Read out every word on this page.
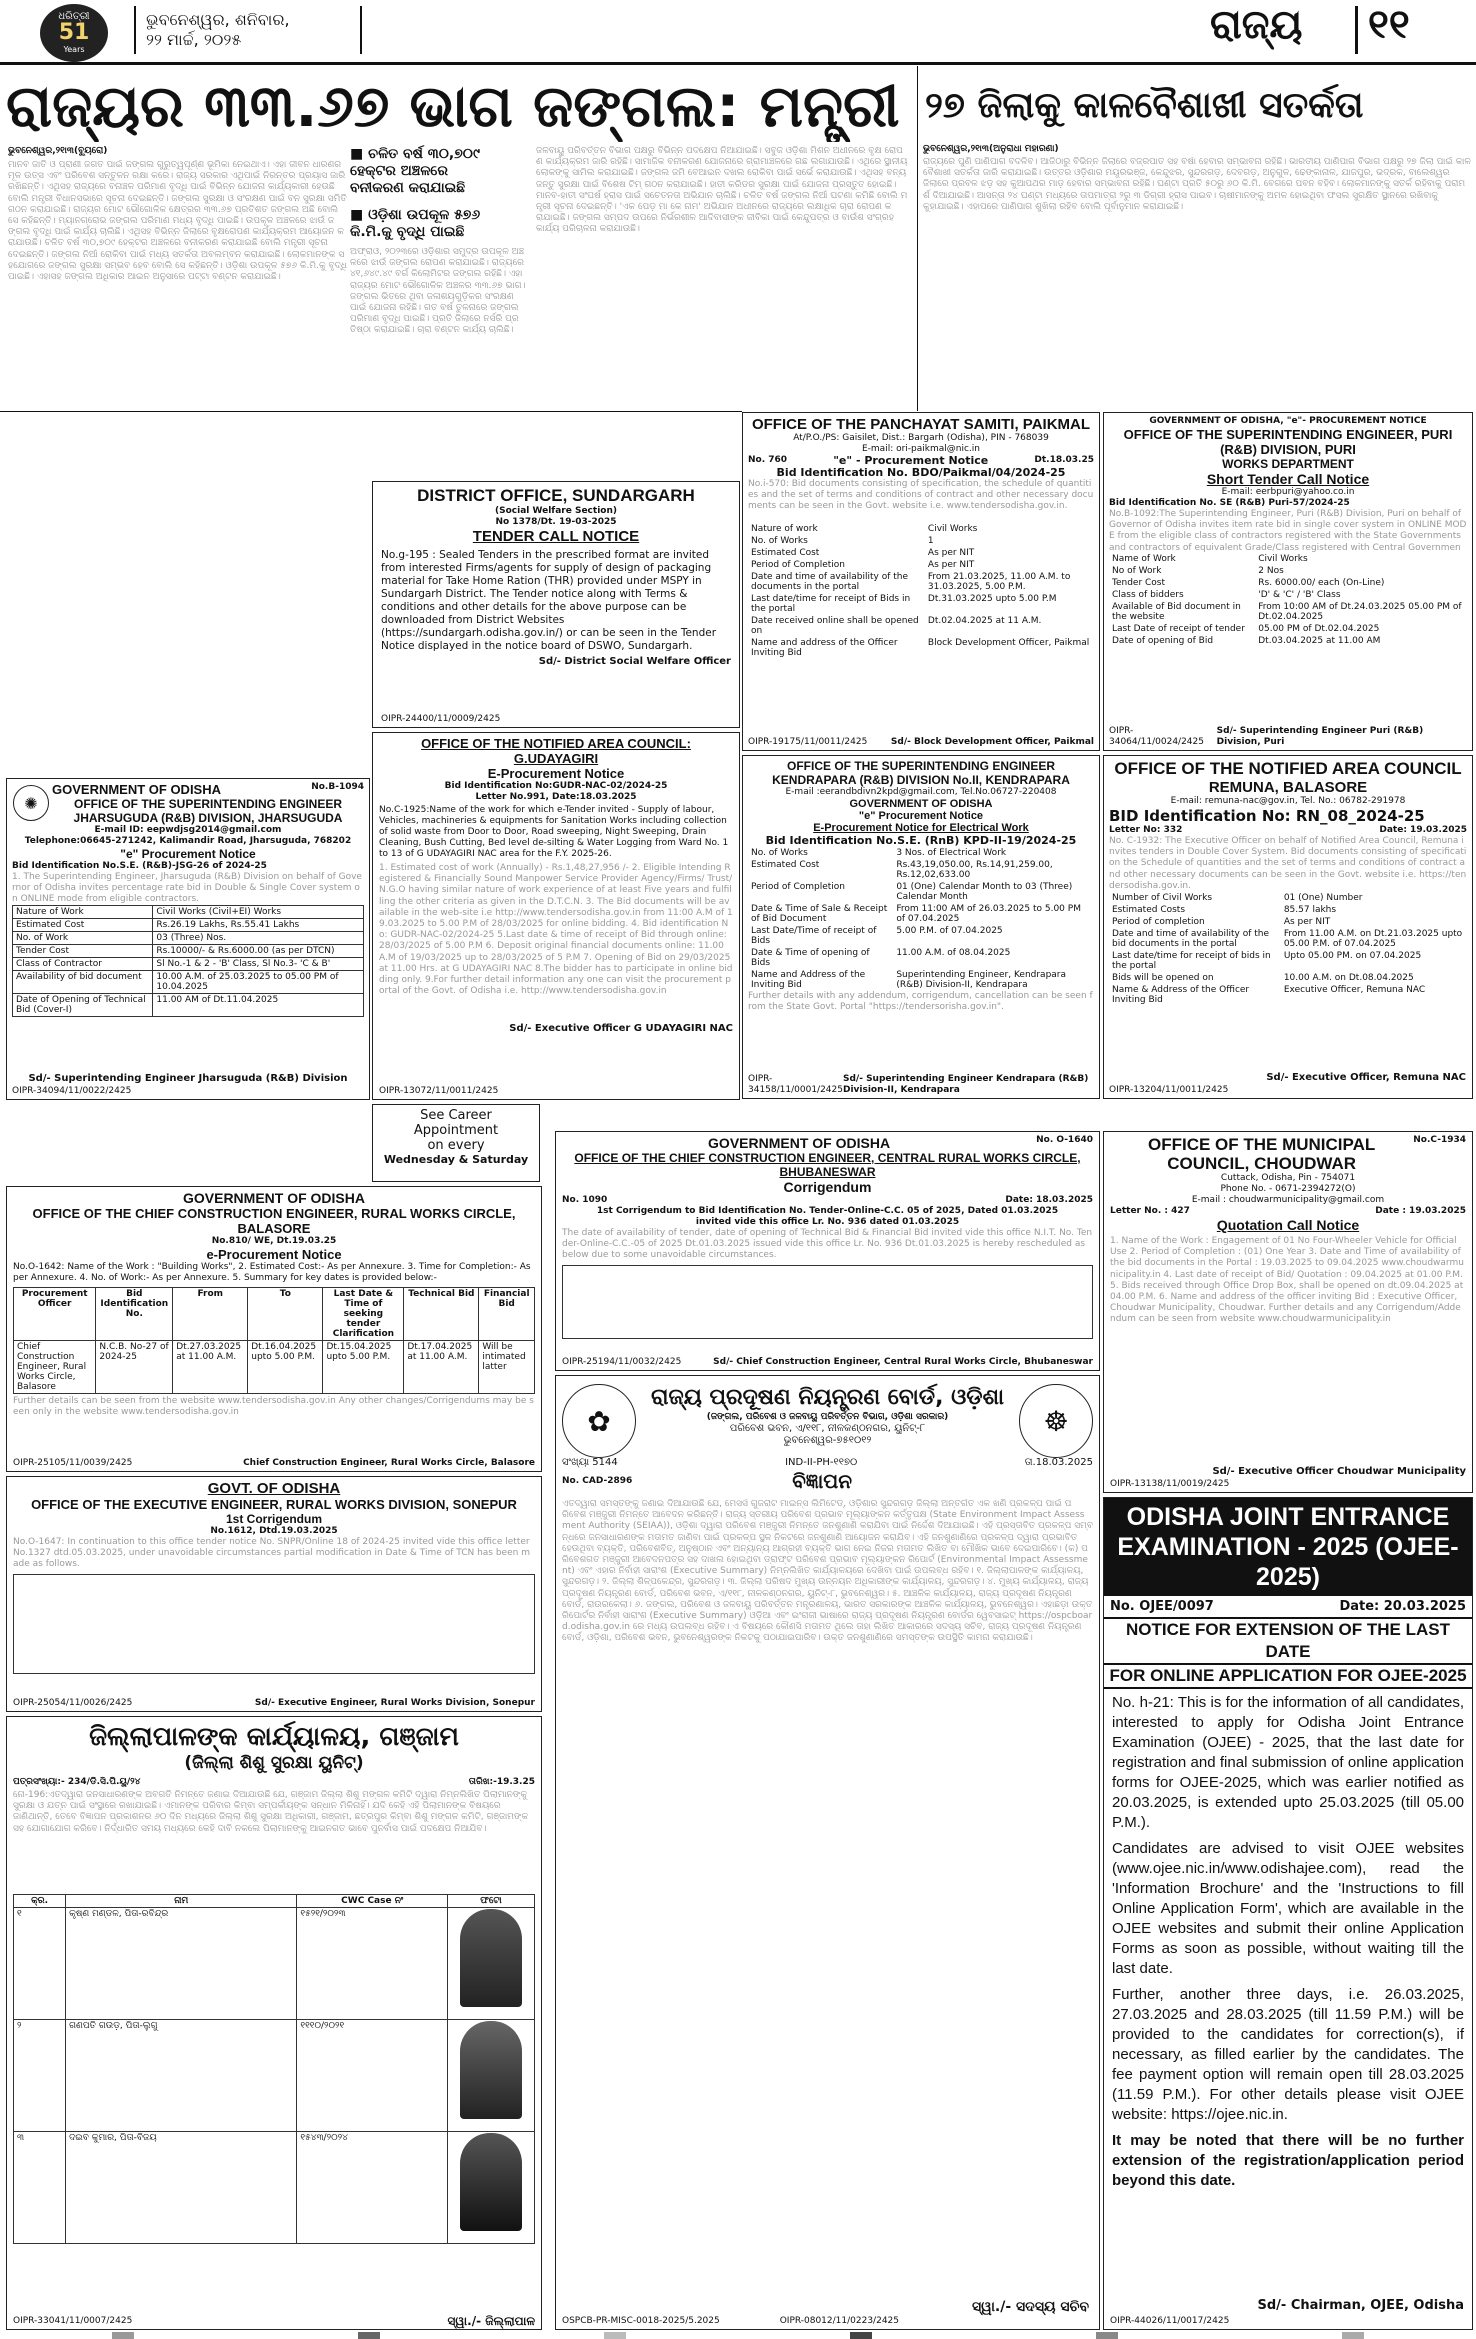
ଧରିତ୍ରୀ
51
Years
ଭୁବନେଶ୍ୱର, ଶନିବାର,
୨୨ ମାର୍ଚ୍ଚ, ୨୦୨୫	ରାଜ୍ୟ ୧୧
ରାଜ୍ୟର ୩୩.୬୭ ଭାଗ ଜଙ୍ଗଲ: ମନ୍ତ୍ରୀ ୨୭ ଜିଲାକୁ କାଳବୈଶାଖୀ ସତର୍କତା
ଭୁବନେଶ୍ୱର,୨୧ା୩(ବ୍ୟୁରୋ)
ମାନବ ଜାତି ଓ ପ୍ରାଣୀ ଜଗତ ପାଇଁ ଜଙ୍ଗଲ ଗୁରୁତ୍ୱପୂର୍ଣ୍ଣ ଭୂମିକା ନେଇଥାଏ। ଏହା ଜୀବନ ଧାରଣର ମୂଳ ଉତ୍ସ ଏବଂ ପରିବେଶ ସନ୍ତୁଳନ ରକ୍ଷା କରେ। ରାଜ୍ୟ ସରକାର ଏଥିପାଇଁ ନିରନ୍ତର ପ୍ରୟାସ ଜାରି ରଖିଛନ୍ତି। ଏଥିସହ ରାଜ୍ୟରେ ବନାଞ୍ଚଳ ପରିମାଣ ବୃଦ୍ଧି ପାଇଁ ବିଭିନ୍ନ ଯୋଜନା କାର୍ଯ୍ୟକାରୀ ହେଉଛି ବୋଲି ମନ୍ତ୍ରୀ ବିଧାନସଭାରେ ସୂଚନା ଦେଇଛନ୍ତି। ଜଙ୍ଗଲ ସୁରକ୍ଷା ଓ ସଂରକ୍ଷଣ ପାଇଁ ବନ ସୁରକ୍ଷା ସମିତି ଗଠନ କରାଯାଇଛି। ରାଜ୍ୟର ମୋଟ ଭୌଗୋଳିକ କ୍ଷେତ୍ରର ୩୩.୬୭ ପ୍ରତିଶତ ଜଙ୍ଗଲ ଅଛି ବୋଲି ସେ କହିଛନ୍ତି। ମ୍ୟାନଗ୍ରୋଭ ଜଙ୍ଗଲ ପରିମାଣ ମଧ୍ୟ ବୃଦ୍ଧି ପାଇଛି। ଉପକୂଳ ଅଞ୍ଚଳରେ ଝାଉଁ ଜଙ୍ଗଲ ବୃଦ୍ଧି ପାଇଁ କାର୍ଯ୍ୟ ଚାଲିଛି। ଏଥିସହ ବିଭିନ୍ନ ଜିଲାରେ ବୃକ୍ଷରୋପଣ କାର୍ଯ୍ୟକ୍ରମ ଆୟୋଜନ କରାଯାଉଛି। ଚଳିତ ବର୍ଷ ୩୦,୭୦୯ ହେକ୍ଟର ଅଞ୍ଚଳରେ ବନୀକରଣ କରାଯାଇଛି ବୋଲି ମନ୍ତ୍ରୀ ସୂଚନା ଦେଇଛନ୍ତି। ଜଙ୍ଗଲ ନିଆଁ ରୋକିବା ପାଇଁ ମଧ୍ୟ ସତର୍କତା ଅବଲମ୍ବନ କରାଯାଇଛି। ଲୋକମାନଙ୍କ ସହଯୋଗରେ ଜଙ୍ଗଲ ସୁରକ୍ଷା ସମ୍ଭବ ହେବ ବୋଲି ସେ କହିଛନ୍ତି। ଓଡ଼ିଶା ଉପକୂଳ ୫୭୬ କି.ମି.କୁ ବୃଦ୍ଧି ପାଇଛି। ଏହାସହ ଜଙ୍ଗଲ ଅଧିକାର ଆଇନ ଅନୁସାରେ ପଟ୍ଟା ବଣ୍ଟନ କରାଯାଇଛି।
■ ଚଳିତ ବର୍ଷ ୩୦,୭୦୯
ହେକ୍ଟର ଅଞ୍ଚଳରେ
ବନୀକରଣ କରାଯାଇଛି
■ ଓଡ଼ିଶା ଉପକୂଳ ୫୭୬
କି.ମି.କୁ ବୃଦ୍ଧି ପାଇଛି
ଅଫ୍ରାଓ, ୨୦୨୩ରେ ଓଡ଼ିଶାର ସମୁଦ୍ର ଉପକୂଳ ଅଞ୍ଚଳରେ ଝାଉଁ ଜଙ୍ଗଲ ରୋପଣ କରାଯାଇଛି। ରାଜ୍ୟରେ ୪୧,୬୪୯.୪୯ ବର୍ଗ କିଲୋମିଟର ଜଙ୍ଗଲ ରହିଛି। ଏହା ରାଜ୍ୟର ମୋଟ ଭୌଗୋଳିକ ଅଞ୍ଚଳର ୩୩.୬୭ ଭାଗ। ଜଙ୍ଗଲ ଭିତରେ ଥିବା ଜଳାଶୟଗୁଡ଼ିକର ସଂରକ୍ଷଣ ପାଇଁ ଯୋଜନା ରହିଛି। ଗତ ବର୍ଷ ତୁଳନାରେ ଜଙ୍ଗଲ ପରିମାଣ ବୃଦ୍ଧି ପାଇଛି। ପ୍ରତି ଜିଲାରେ ନର୍ସରି ପ୍ରତିଷ୍ଠା କରାଯାଇଛି। ଚାରା ବଣ୍ଟନ କାର୍ଯ୍ୟ ଚାଲିଛି।
ଜଳବାୟୁ ପରିବର୍ତ୍ତନ ବିଭାଗ ପକ୍ଷରୁ ବିଭିନ୍ନ ପଦକ୍ଷେପ ନିଆଯାଇଛି। ସବୁଜ ଓଡ଼ିଶା ମିଶନ ଅଧୀନରେ ବୃକ୍ଷ ରୋପଣ କାର୍ଯ୍ୟକ୍ରମ ଜାରି ରହିଛି। ସାମାଜିକ ବନୀକରଣ ଯୋଜନାରେ ଗ୍ରାମାଞ୍ଚଳରେ ଗଛ ଲଗାଯାଉଛି। ଏଥିରେ ସ୍ଥାନୀୟ ଲୋକଙ୍କୁ ସାମିଲ କରାଯାଇଛି। ଜଙ୍ଗଲ ଜମି ବେଆଇନ ଦଖଲ ରୋକିବା ପାଇଁ ସର୍ଭେ କରାଯାଉଛି। ଏଥିସହ ବନ୍ୟଜନ୍ତୁ ସୁରକ୍ଷା ପାଇଁ ବିଶେଷ ଟିମ୍ ଗଠନ କରାଯାଇଛି। ହାତୀ କରିଡର ସୁରକ୍ଷା ପାଇଁ ଯୋଜନା ପ୍ରସ୍ତୁତ ହୋଇଛି। ମାନବ-ହାତୀ ସଂଘର୍ଷ ହ୍ରାସ ପାଇଁ ସଚେତନତା ଅଭିଯାନ ଚାଲିଛି। ଚଳିତ ବର୍ଷ ଜଙ୍ଗଲ ନିଆଁ ଘଟଣା କମିଛି ବୋଲି ମନ୍ତ୍ରୀ ସୂଚନା ଦେଇଛନ୍ତି। 'ଏକ ପେଡ଼ ମା କେ ନାମ' ଅଭିଯାନ ଅଧୀନରେ ରାଜ୍ୟରେ ଲକ୍ଷାଧିକ ଚାରା ରୋପଣ କରାଯାଇଛି। ଜଙ୍ଗଲ ସମ୍ପଦ ଉପରେ ନିର୍ଭରଶୀଳ ଆଦିବାସୀଙ୍କ ଜୀବିକା ପାଇଁ କେନ୍ଦୁପତ୍ର ଓ ବାଉଁଶ ସଂଗ୍ରହ କାର୍ଯ୍ୟ ପରିଚାଳନା କରାଯାଉଛି।
ଭୁବନେଶ୍ୱର,୨୧ା୩(ଅନୁରାଧା ମହାରଣା)
ରାଜ୍ୟରେ ପୁଣି ପାଣିପାଗ ବଦଳିବ। ଆଜିଠାରୁ ବିଭିନ୍ନ ଜିଲାରେ ବଜ୍ରପାତ ସହ ବର୍ଷା ହେବାର ସମ୍ଭାବନା ରହିଛି। ଭାରତୀୟ ପାଣିପାଗ ବିଭାଗ ପକ୍ଷରୁ ୨୭ ଜିଲା ପାଇଁ କାଳବୈଶାଖୀ ସତର୍କତା ଜାରି କରାଯାଇଛି। ଉତ୍ତର ଓଡ଼ିଶାର ମୟୂରଭଞ୍ଜ, କେନ୍ଦୁଝର, ସୁନ୍ଦରଗଡ଼, ଦେବଗଡ଼, ଅନୁଗୁଳ, ଢେଙ୍କାନାଳ, ଯାଜପୁର, ଭଦ୍ରକ, ବାଲେଶ୍ୱର ଜିଲାରେ ପ୍ରବଳ ଝଡ଼ ସହ କୁଆପଥର ମାଡ଼ ହେବାର ସମ୍ଭାବନା ରହିଛି। ଘଣ୍ଟା ପ୍ରତି ୫୦ରୁ ୬୦ କି.ମି. ବେଗରେ ପବନ ବହିବ। ଲୋକମାନଙ୍କୁ ସତର୍କ ରହିବାକୁ ପରାମର୍ଶ ଦିଆଯାଇଛି। ଆସନ୍ତା ୨୪ ଘଣ୍ଟା ମଧ୍ୟରେ ତାପମାତ୍ରା ୨ରୁ ୩ ଡିଗ୍ରୀ ହ୍ରାସ ପାଇବ। ଚାଷୀମାନଙ୍କୁ ଅମଳ ହୋଇଥିବା ଫସଲ ସୁରକ୍ଷିତ ସ୍ଥାନରେ ରଖିବାକୁ କୁହାଯାଇଛି। ଏହାପରେ ପାଣିପାଗ ଶୁଖିଲା ରହିବ ବୋଲି ପୂର୍ବାନୁମାନ କରାଯାଇଛି।
OFFICE OF THE PANCHAYAT SAMITI, PAIKMAL
At/P.O./PS: Gaisilet, Dist.: Bargarh (Odisha), PIN - 768039
E-mail: ori-paikmal@nic.in
No. 760	"e" - Procurement Notice	Dt.18.03.25
Bid Identification No. BDO/Paikmal/04/2024-25
No.i-570: Bid documents consisting of specification, the schedule of quantities and the set of terms and conditions of contract and other necessary documents can be seen in the Govt. website i.e. www.tendersodisha.gov.in.
Nature of work	Civil Works
No. of Works	1
Estimated Cost	As per NIT
Period of Completion	As per NIT
Date and time of availability of the documents in the portal	From 21.03.2025, 11.00 A.M. to 31.03.2025, 5.00 P.M.
Last date/time for receipt of Bids in the portal	Dt.31.03.2025 upto 5.00 P.M
Date received online shall be opened on	Dt.02.04.2025 at 11 A.M.
Name and address of the Officer Inviting Bid	Block Development Officer, Paikmal
OIPR-19175/11/0011/2425	Sd/- Block Development Officer, Paikmal
GOVERNMENT OF ODISHA, "e"- PROCUREMENT NOTICE
OFFICE OF THE SUPERINTENDING ENGINEER, PURI (R&B) DIVISION, PURI
WORKS DEPARTMENT
Short Tender Call Notice
E-mail: eerbpuri@yahoo.co.in
Bid Identification No. SE (R&B) Puri-57/2024-25
No.B-1092:The Superintending Engineer, Puri (R&B) Division, Puri on behalf of Governor of Odisha invites item rate bid in single cover system in ONLINE MODE from the eligible class of contractors registered with the State Governments and contractors of equivalent Grade/Class registered with Central Governmen
Name of Work	Civil Works
No of Work	2 Nos
Tender Cost	Rs. 6000.00/ each (On-Line)
Class of bidders	'D' & 'C' / 'B' Class
Available of Bid document in the website	From 10:00 AM of Dt.24.03.2025 05.00 PM of Dt.02.04.2025
Last Date of receipt of tender	05.00 PM of Dt.02.04.2025
Date of opening of Bid	Dt.03.04.2025 at 11.00 AM
OIPR-34064/11/0024/2425
Sd/- Superintending Engineer Puri (R&B) Division, Puri
DISTRICT OFFICE, SUNDARGARH
(Social Welfare Section)
No 1378/Dt. 19-03-2025
TENDER CALL NOTICE
No.g-195 : Sealed Tenders in the prescribed format are invited from interested Firms/agents for supply of design of packaging material for Take Home Ration (THR) provided under MSPY in Sundargarh District. The Tender notice along with Terms & conditions and other details for the above purpose can be downloaded from District Websites (https://sundargarh.odisha.gov.in/) or can be seen in the Tender Notice displayed in the notice board of DSWO, Sundargarh.
Sd/- District Social Welfare Officer
OIPR-24400/11/0009/2425
OFFICE OF THE NOTIFIED AREA COUNCIL: G.UDAYAGIRI
E-Procurement Notice
Bid Identification No:GUDR-NAC-02/2024-25
Letter No.991, Date:18.03.2025
No.C-1925:Name of the work for which e-Tender invited - Supply of labour, Vehicles, machineries & equipments for Sanitation Works including collection of solid waste from Door to Door, Road sweeping, Night Sweeping, Drain Cleaning, Bush Cutting, Bed level de-silting & Water Logging from Ward No. 1 to 13 of G UDAYAGIRI NAC area for the F.Y. 2025-26.
1. Estimated cost of work (Annually) - Rs.1,48,27,956 /- 2. Eligible Intending Registered & Financially Sound Manpower Service Provider Agency/Firms/ Trust/ N.G.O having similar nature of work experience of at least Five years and fulfilling the other criteria as given in the D.T.C.N. 3. The Bid documents will be available in the web-site i.e http://www.tendersodisha.gov.in from 11:00 A.M of 19.03.2025 to 5.00 P.M of 28/03/2025 for online bidding. 4. Bid identification No: GUDR-NAC-02/2024-25 5.Last date & time of receipt of Bid through online: 28/03/2025 of 5.00 P.M 6. Deposit original financial documents online: 11.00 A.M of 19/03/2025 up to 28/03/2025 of 5 P.M 7. Opening of Bid on 29/03/2025 at 11.00 Hrs. at G UDAYAGIRI NAC 8.The bidder has to participate in online bidding only. 9.For further detail information any one can visit the procurement portal of the Govt. of Odisha i.e. http://www.tendersodisha.gov.in
Sd/- Executive Officer G UDAYAGIRI NAC
OIPR-13072/11/0011/2425
OFFICE OF THE SUPERINTENDING ENGINEER KENDRAPARA (R&B) DIVISION No.II, KENDRAPARA
E-mail :eerandbdivn2kpd@gmail.com, Tel.No.06727-220408
GOVERNMENT OF ODISHA
"e" Procurement Notice
E-Procurement Notice for Electrical Work
Bid Identification No.S.E. (RnB) KPD-II-19/2024-25
No. of Works	3 Nos. of Electrical Work
Estimated Cost	Rs.43,19,050.00, Rs.14,91,259.00, Rs.12,02,633.00
Period of Completion	01 (One) Calendar Month to 03 (Three) Calendar Month
Date & Time of Sale & Receipt of Bid Document	From 11:00 AM of 26.03.2025 to 5.00 PM of 07.04.2025
Last Date/Time of receipt of Bids	5.00 P.M. of 07.04.2025
Date & Time of opening of Bids	11.00 A.M. of 08.04.2025
Name and Address of the Inviting Bid	Superintending Engineer, Kendrapara (R&B) Division-II, Kendrapara
Further details with any addendum, corrigendum, cancellation can be seen from the State Govt. Portal "https://tendersorisha.gov.in".
OIPR-34158/11/0001/2425
Sd/- Superintending Engineer Kendrapara (R&B) Division-II, Kendrapara
OFFICE OF THE NOTIFIED AREA COUNCIL
REMUNA, BALASORE
E-mail: remuna-nac@gov.in, Tel. No.: 06782-291978
BID Identification No: RN_08_2024-25
Letter No: 332	Date: 19.03.2025
No. C-1932: The Executive Officer on behalf of Notified Area Council, Remuna invites tenders in Double Cover System. Bid documents consisting of specification the Schedule of quantities and the set of terms and conditions of contract and other necessary documents can be seen in the Govt. website i.e. https://tendersodisha.gov.in.
Number of Civil Works	01 (One) Number
Estimated Costs	85.57 lakhs
Period of completion	As per NIT
Date and time of availability of the bid documents in the portal	From 11.00 A.M. on Dt.21.03.2025 upto 05.00 P.M. of 07.04.2025
Last date/time for receipt of bids in the portal	Upto 05.00 PM. on 07.04.2025
Bids will be opened on	10.00 A.M. on Dt.08.04.2025
Name & Address of the Officer Inviting Bid	Executive Officer, Remuna NAC
Sd/- Executive Officer, Remuna NAC
OIPR-13204/11/0011/2425
✺
GOVERNMENT OF ODISHA	No.B-1094
OFFICE OF THE SUPERINTENDING ENGINEER JHARSUGUDA (R&B) DIVISION, JHARSUGUDA
E-mail ID: eepwdjsg2014@gmail.com
Telephone:06645-271242, Kalimandir Road, Jharsuguda, 768202
"e" Procurement Notice
Bid Identification No.S.E. (R&B)-JSG-26 of 2024-25
1. The Superintending Engineer, Jharsuguda (R&B) Division on behalf of Governor of Odisha invites percentage rate bid in Double & Single Cover system on ONLINE mode from eligible contractors.
Nature of Work	Civil Works (Civil+EI) Works
Estimated Cost	Rs.26.19 Lakhs, Rs.55.41 Lakhs
No. of Work	03 (Three) Nos.
Tender Cost	Rs.10000/- & Rs.6000.00 (as per DTCN)
Class of Contractor	Sl No.-1 & 2 - 'B' Class, Sl No.3- 'C & B'
Availability of bid document	10.00 A.M. of 25.03.2025 to 05.00 PM of 10.04.2025
Date of Opening of Technical Bid (Cover-I)	11.00 AM of Dt.11.04.2025
Sd/- Superintending Engineer Jharsuguda (R&B) Division
OIPR-34094/11/0022/2425
See Career
Appointment
on every
Wednesday & Saturday
GOVERNMENT OF ODISHA
OFFICE OF THE CHIEF CONSTRUCTION ENGINEER, RURAL WORKS CIRCLE, BALASORE
No.810/ WE, Dt.19.03.25
e-Procurement Notice
No.O-1642: Name of the Work : "Building Works", 2. Estimated Cost:- As per Annexure. 3. Time for Completion:- As per Annexure. 4. No. of Work:- As per Annexure. 5. Summary for key dates is provided below:-
Procurement Officer	Bid Identification No.	From	To	Last Date & Time of seeking tender Clarification	Technical Bid	Financial Bid
Chief Construction Engineer, Rural Works Circle, Balasore	N.C.B. No-27 of 2024-25	Dt.27.03.2025 at 11.00 A.M.	Dt.16.04.2025 upto 5.00 P.M.	Dt.15.04.2025 upto 5.00 P.M.	Dt.17.04.2025 at 11.00 A.M.	Will be intimated latter
Further details can be seen from the website www.tendersodisha.gov.in Any other changes/Corrigendums may be seen only in the website www.tendersodisha.gov.in
OIPR-25105/11/0039/2425	Chief Construction Engineer, Rural Works Circle, Balasore
GOVERNMENT OF ODISHA	No. O-1640
OFFICE OF THE CHIEF CONSTRUCTION ENGINEER, CENTRAL RURAL WORKS CIRCLE, BHUBANESWAR
Corrigendum
No. 1090	Date: 18.03.2025
1st Corrigendum to Bid Identification No. Tender-Online-C.C. 05 of 2025, Dated 01.03.2025
invited vide this office Lr. No. 936 dated 01.03.2025
The date of availability of tender, date of opening of Technical Bid & Financial Bid invited vide this office N.I.T. No. Tender-Online-C.C.-05 of 2025 Dt.01.03.2025 issued vide this office Lr. No. 936 Dt.01.03.2025 is hereby rescheduled as below due to some unavoidable circumstances.
OIPR-25194/11/0032/2425	Sd/- Chief Construction Engineer, Central Rural Works Circle, Bhubaneswar
OFFICE OF THE MUNICIPAL COUNCIL, CHOUDWAR
No.C-1934
Cuttack, Odisha, Pin - 754071
Phone No. - 0671-2394272(O)
E-mail : choudwarmunicipality@gmail.com
Letter No. : 427	Date : 19.03.2025
Quotation Call Notice
1. Name of the Work : Engagement of 01 No Four-Wheeler Vehicle for Official Use 2. Period of Completion : (01) One Year 3. Date and Time of availability of the bid documents in the Portal : 19.03.2025 to 09.04.2025 www.choudwarmunicipality.in 4. Last date of receipt of Bid/ Quotation : 09.04.2025 at 01.00 P.M. 5. Bids received through Office Drop Box, shall be opened on dt.09.04.2025 at 04.00 P.M. 6. Name and address of the officer inviting Bid : Executive Officer, Choudwar Municipality, Choudwar. Further details and any Corrigendum/Addendum can be seen from website www.choudwarmunicipality.in
Sd/- Executive Officer Choudwar Municipality
OIPR-13138/11/0019/2425
✿	☸
ରାଜ୍ୟ ପ୍ରଦୂଷଣ ନିୟନ୍ତ୍ରଣ ବୋର୍ଡ, ଓଡ଼ିଶା
(ଜଙ୍ଗଲ, ପରିବେଶ ଓ ଜଳବାୟୁ ପରିବର୍ତ୍ତନ ବିଭାଗ, ଓଡ଼ିଶା ସରକାର)
ପରିବେଶ ଭବନ, ଏ/୧୧୮, ନୀଳକଣ୍ଠନଗର, ୟୁନିଟ୍-୮
ଭୁବନେଶ୍ୱର-୭୫୧୦୧୨
ସଂଖ୍ୟା 5144	IND-II-PH-୧୧୭୦	ତା.18.03.2025
No. CAD-2896	ବିଜ୍ଞାପନ
ଏତଦ୍ୱାରା ସମସ୍ତଙ୍କୁ ଜଣାଇ ଦିଆଯାଉଛି ଯେ, ମେସର୍ସ ଗୁଜରାଟ ମାଇନ୍ସ ଲିମିଟେଡ୍, ଓଡ଼ିଶାର ସୁନ୍ଦରଗଡ଼ ଜିଲ୍ଲା ଅନ୍ତର୍ଗତ ଏକ ଖଣି ପ୍ରକଳ୍ପ ପାଇଁ ପରିବେଶ ମଞ୍ଜୁରୀ ନିମନ୍ତେ ଆବେଦନ କରିଛନ୍ତି। ରାଜ୍ୟ ସ୍ତରୀୟ ପରିବେଶ ପ୍ରଭାବ ମୂଲ୍ୟାଙ୍କନ କର୍ତ୍ତୃପକ୍ଷ (State Environment Impact Assessment Authority (SEIAA)), ଓଡ଼ିଶା ଦ୍ୱାରା ପରିବେଶ ମଞ୍ଜୁରୀ ନିମନ୍ତେ ଜନଶୁଣାଣି କରାଯିବା ପାଇଁ ନିର୍ଦ୍ଦେଶ ଦିଆଯାଇଛି। ଏହି ପ୍ରସ୍ତାବିତ ପ୍ରକଳ୍ପ ସମ୍ବନ୍ଧରେ ଜନସାଧାରଣଙ୍କ ମତାମତ ଜାଣିବା ପାଇଁ ପ୍ରକଳ୍ପ ସ୍ଥଳ ନିକଟରେ ଜନଶୁଣାଣି ଆୟୋଜନ କରାଯିବ। ଏହି ଜନଶୁଣାଣିରେ ପ୍ରକଳ୍ପ ଦ୍ୱାରା ପ୍ରଭାବିତ ହେଉଥିବା ବ୍ୟକ୍ତି, ପରିବେଶବିତ୍, ଅନୁଷ୍ଠାନ ଏବଂ ଅନ୍ୟାନ୍ୟ ଆଗ୍ରହୀ ବ୍ୟକ୍ତି ଭାଗ ନେଇ ନିଜର ମତାମତ ଲିଖିତ ବା ମୌଖିକ ଭାବେ ଦେଇପାରିବେ। (କ) ପରିବେଶଗତ ମଞ୍ଜୁରୀ ଆବେଦନପତ୍ର ସହ ଦାଖଲ ହୋଇଥିବା ଡ୍ରାଫ୍ଟ ପରିବେଶ ପ୍ରଭାବ ମୂଲ୍ୟାଙ୍କନ ରିପୋର୍ଟ (Environmental Impact Assessment) ଏବଂ ଏହାର ନିର୍ବାହୀ ସାରାଂଶ (Executive Summary) ନିମ୍ନଲିଖିତ କାର୍ଯ୍ୟାଳୟରେ ଦେଖିବା ପାଇଁ ଉପଲବ୍ଧ ରହିବ। ୧. ଜିଲ୍ଲାପାଳଙ୍କ କାର୍ଯ୍ୟାଳୟ, ସୁନ୍ଦରଗଡ଼। ୨. ଜିଲ୍ଲା ଶିଳ୍ପକେନ୍ଦ୍ର, ସୁନ୍ଦରଗଡ଼। ୩. ଜିଲ୍ଲା ପରିଷଦ ମୁଖ୍ୟ ଉନ୍ନୟନ ଅଧିକାରୀଙ୍କ କାର୍ଯ୍ୟାଳୟ, ସୁନ୍ଦରଗଡ଼। ୪. ମୁଖ୍ୟ କାର୍ଯ୍ୟାଳୟ, ରାଜ୍ୟ ପ୍ରଦୂଷଣ ନିୟନ୍ତ୍ରଣ ବୋର୍ଡ, ପରିବେଶ ଭବନ, ଏ/୧୧୮, ନୀଳକଣ୍ଠନଗର, ୟୁନିଟ୍-୮, ଭୁବନେଶ୍ୱର। ୫. ଆଞ୍ଚଳିକ କାର୍ଯ୍ୟାଳୟ, ରାଜ୍ୟ ପ୍ରଦୂଷଣ ନିୟନ୍ତ୍ରଣ ବୋର୍ଡ, ରାଉରକେଲା। ୬. ଜଙ୍ଗଲ, ପରିବେଶ ଓ ଜଳବାୟୁ ପରିବର୍ତ୍ତନ ମନ୍ତ୍ରଣାଳୟ, ଭାରତ ସରକାରଙ୍କ ଆଞ୍ଚଳିକ କାର୍ଯ୍ୟାଳୟ, ଭୁବନେଶ୍ୱର। ଏହାଛଡ଼ା ଉକ୍ତ ରିପୋର୍ଟର ନିର୍ବାହୀ ସାରାଂଶ (Executive Summary) ଓଡ଼ିଆ ଏବଂ ଇଂରାଜୀ ଭାଷାରେ ରାଜ୍ୟ ପ୍ରଦୂଷଣ ନିୟନ୍ତ୍ରଣ ବୋର୍ଡର ୱେବସାଇଟ୍ https://ospcboard.odisha.gov.in ରେ ମଧ୍ୟ ଉପଲବ୍ଧ ରହିବ। ଏ ବିଷୟରେ କୌଣସି ମତାମତ ଥିଲେ ତାହା ଲିଖିତ ଆକାରରେ ସଦସ୍ୟ ସଚିବ, ରାଜ୍ୟ ପ୍ରଦୂଷଣ ନିୟନ୍ତ୍ରଣ ବୋର୍ଡ, ଓଡ଼ିଶା, ପରିବେଶ ଭବନ, ଭୁବନେଶ୍ୱରଙ୍କ ନିକଟକୁ ପଠାଯାଇପାରିବ। ଉକ୍ତ ଜନଶୁଣାଣିରେ ସମସ୍ତଙ୍କ ଉପସ୍ଥିତି କାମନା କରାଯାଉଛି।
ସ୍ୱା./- ସଦସ୍ୟ ସଚିବ
OSPCB-PR-MISC-0018-2025/5.2025	OIPR-08012/11/0223/2425
GOVT. OF ODISHA
OFFICE OF THE EXECUTIVE ENGINEER, RURAL WORKS DIVISION, SONEPUR
1st Corrigendum
No.1612, Dtd.19.03.2025
No.O-1647: In continuation to this office tender notice No. SNPR/Online 18 of 2024-25 invited vide this office letter No.1327 dtd.05.03.2025, under unavoidable circumstances partial modification in Date & Time of TCN has been made as follows.
OIPR-25054/11/0026/2425	Sd/- Executive Engineer, Rural Works Division, Sonepur
ଜିଲ୍ଲାପାଳଙ୍କ କାର୍ଯ୍ୟାଳୟ, ଗଞ୍ଜାମ
(ଜିଲ୍ଲା ଶିଶୁ ସୁରକ୍ଷା ୟୁନିଟ୍)
ପତ୍ରସଂଖ୍ୟା:- 234/ଡି.ସି.ପି.ୟୁ/୨୪	ତାରିଖ:-19.3.25
ନୋ-196:ଏତଦ୍ୱାରା ଜନସାଧାରଣଙ୍କ ଅବଗତି ନିମନ୍ତେ ଜଣାଇ ଦିଆଯାଉଛି ଯେ, ଗଞ୍ଜାମ ଜିଲ୍ଲା ଶିଶୁ ମଙ୍ଗଳ କମିଟି ଦ୍ୱାରା ନିମ୍ନଲିଖିତ ପିଲାମାନଙ୍କୁ ସୁରକ୍ଷା ଓ ଯତ୍ନ ପାଇଁ ସଂସ୍ଥାରେ ରଖାଯାଇଛି। ଏମାନଙ୍କ ପରିବାର କିମ୍ବା ସମ୍ପର୍କୀୟଙ୍କ ସନ୍ଧାନ ମିଳିନାହିଁ। ଯଦି କେହି ଏହି ପିଲାମାନଙ୍କ ବିଷୟରେ ଜାଣିଥାନ୍ତି, ତେବେ ବିଜ୍ଞାପନ ପ୍ରକାଶନର ୬୦ ଦିନ ମଧ୍ୟରେ ଜିଲ୍ଲା ଶିଶୁ ସୁରକ୍ଷା ଅଧିକାରୀ, ଗଞ୍ଜାମ, ଛତ୍ରପୁର କିମ୍ବା ଶିଶୁ ମଙ୍ଗଳ କମିଟି, ଗଞ୍ଜାମଙ୍କ ସହ ଯୋଗାଯୋଗ କରିବେ। ନିର୍ଦ୍ଧାରିତ ସମୟ ମଧ୍ୟରେ କେହି ଦାବି ନକଲେ ପିଲାମାନଙ୍କୁ ଆଇନଗତ ଭାବେ ପୁନର୍ବାସ ପାଇଁ ପଦକ୍ଷେପ ନିଆଯିବ।
କ୍ର.	ନାମ	CWC Case ନଂ	ଫଟୋ
୧	କୃଷ୍ଣ ମଣ୍ଡଳ, ପିତା-ରବିନ୍ଦ୍ର	୧୫୨୧/୨୦୨୩	

୨	ଗଣପତି ଗଉଡ଼, ପିତା-ଲୁଗୁ	୧୧୧୦/୨୦୨୧	

୩	ଦଇବ କୁମାର, ପିତା-ବିଜୟ	୧୫୪୩/୨୦୨୪	
OIPR-33041/11/0007/2425	ସ୍ୱା./- ଜିଲ୍ଲାପାଳ
ODISHA JOINT ENTRANCE EXAMINATION - 2025 (OJEE-2025)
No. OJEE/0097	Date: 20.03.2025
NOTICE FOR EXTENSION OF THE LAST DATE
FOR ONLINE APPLICATION FOR OJEE-2025

No. h-21: This is for the information of all candidates, interested to apply for Odisha Joint Entrance Examination (OJEE) - 2025, that the last date for registration and final submission of online application forms for OJEE-2025, which was earlier notified as 20.03.2025, is extended upto 25.03.2025 (till 05.00 P.M.).

Candidates are advised to visit OJEE websites (www.ojee.nic.in/www.odishajee.com), read the 'Information Brochure' and the 'Instructions to fill Online Application Form', which are available in the OJEE websites and submit their online Application Forms as soon as possible, without waiting till the last date.

Further, another three days, i.e. 26.03.2025, 27.03.2025 and 28.03.2025 (till 11.59 P.M.) will be provided to the candidates for correction(s), if necessary, as filled earlier by the candidates. The fee payment option will remain open till 28.03.2025 (11.59 P.M.). For other details please visit OJEE website: https://ojee.nic.in.

It may be noted that there will be no further extension of the registration/application period beyond this date.

Sd/- Chairman, OJEE, Odisha
OIPR-44026/11/0017/2425
